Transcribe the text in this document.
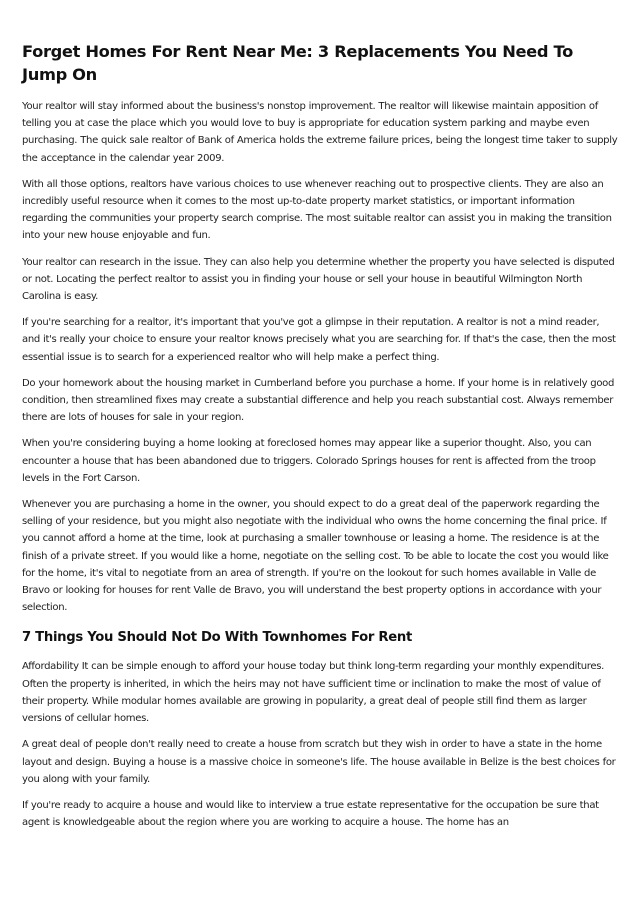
Forget Homes For Rent Near Me: 3 Replacements You Need To Jump On

Your realtor will stay informed about the business's nonstop improvement. The realtor will likewise maintain apposition of telling you at case the place which you would love to buy is appropriate for education system parking and maybe even purchasing. The quick sale realtor of Bank of America holds the extreme failure prices, being the longest time taker to supply the acceptance in the calendar year 2009.

With all those options, realtors have various choices to use whenever reaching out to prospective clients. They are also an incredibly useful resource when it comes to the most up-to-date property market statistics, or important information regarding the communities your property search comprise. The most suitable realtor can assist you in making the transition into your new house enjoyable and fun.

Your realtor can research in the issue. They can also help you determine whether the property you have selected is disputed or not. Locating the perfect realtor to assist you in finding your house or sell your house in beautiful Wilmington North Carolina is easy.

If you're searching for a realtor, it's important that you've got a glimpse in their reputation. A realtor is not a mind reader, and it's really your choice to ensure your realtor knows precisely what you are searching for. If that's the case, then the most essential issue is to search for a experienced realtor who will help make a perfect thing.

Do your homework about the housing market in Cumberland before you purchase a home. If your home is in relatively good condition, then streamlined fixes may create a substantial difference and help you reach substantial cost. Always remember there are lots of houses for sale in your region.

When you're considering buying a home looking at foreclosed homes may appear like a superior thought. Also, you can encounter a house that has been abandoned due to triggers. Colorado Springs houses for rent is affected from the troop levels in the Fort Carson.

Whenever you are purchasing a home in the owner, you should expect to do a great deal of the paperwork regarding the selling of your residence, but you might also negotiate with the individual who owns the home concerning the final price. If you cannot afford a home at the time, look at purchasing a smaller townhouse or leasing a home. The residence is at the finish of a private street. If you would like a home, negotiate on the selling cost. To be able to locate the cost you would like for the home, it's vital to negotiate from an area of strength. If you're on the lookout for such homes available in Valle de Bravo or looking for houses for rent Valle de Bravo, you will understand the best property options in accordance with your selection.

7 Things You Should Not Do With Townhomes For Rent

Affordability It can be simple enough to afford your house today but think long-term regarding your monthly expenditures. Often the property is inherited, in which the heirs may not have sufficient time or inclination to make the most of value of their property. While modular homes available are growing in popularity, a great deal of people still find them as larger versions of cellular homes.

A great deal of people don't really need to create a house from scratch but they wish in order to have a state in the home layout and design. Buying a house is a massive choice in someone's life. The house available in Belize is the best choices for you along with your family.

If you're ready to acquire a house and would like to interview a true estate representative for the occupation be sure that agent is knowledgeable about the region where you are working to acquire a house. The home has an
